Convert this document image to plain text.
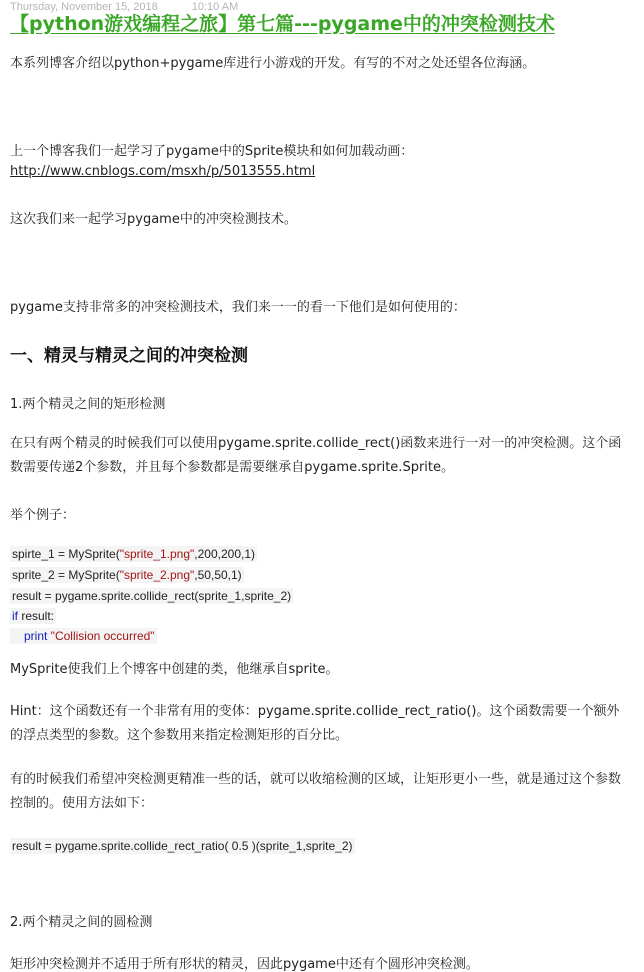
Thursday, November 15, 2018	10:10 AM
【python游戏编程之旅】第七篇---pygame中的冲突检测技术
本系列博客介绍以python+pygame库进行小游戏的开发。有写的不对之处还望各位海涵。
上一个博客我们一起学习了pygame中的Sprite模块和如何加载动画：
http://www.cnblogs.com/msxh/p/5013555.html
这次我们来一起学习pygame中的冲突检测技术。
pygame支持非常多的冲突检测技术，我们来一一的看一下他们是如何使用的：
一、精灵与精灵之间的冲突检测
1.两个精灵之间的矩形检测
在只有两个精灵的时候我们可以使用pygame.sprite.collide_rect()函数来进行一对一的冲突检测。这个函数需要传递2个参数，并且每个参数都是需要继承自pygame.sprite.Sprite。
举个例子：
spirte_1 = MySprite("sprite_1.png",200,200,1)
sprite_2 = MySprite("sprite_2.png",50,50,1)
result = pygame.sprite.collide_rect(sprite_1,sprite_2)
if result:
print "Collision occurred"
MySprite使我们上个博客中创建的类，他继承自sprite。
Hint：这个函数还有一个非常有用的变体：pygame.sprite.collide_rect_ratio()。这个函数需要一个额外的浮点类型的参数。这个参数用来指定检测矩形的百分比。
有的时候我们希望冲突检测更精准一些的话，就可以收缩检测的区域，让矩形更小一些，就是通过这个参数控制的。使用方法如下：
result = pygame.sprite.collide_rect_ratio( 0.5 )(sprite_1,sprite_2)
2.两个精灵之间的圆检测
矩形冲突检测并不适用于所有形状的精灵，因此pygame中还有个圆形冲突检测。
